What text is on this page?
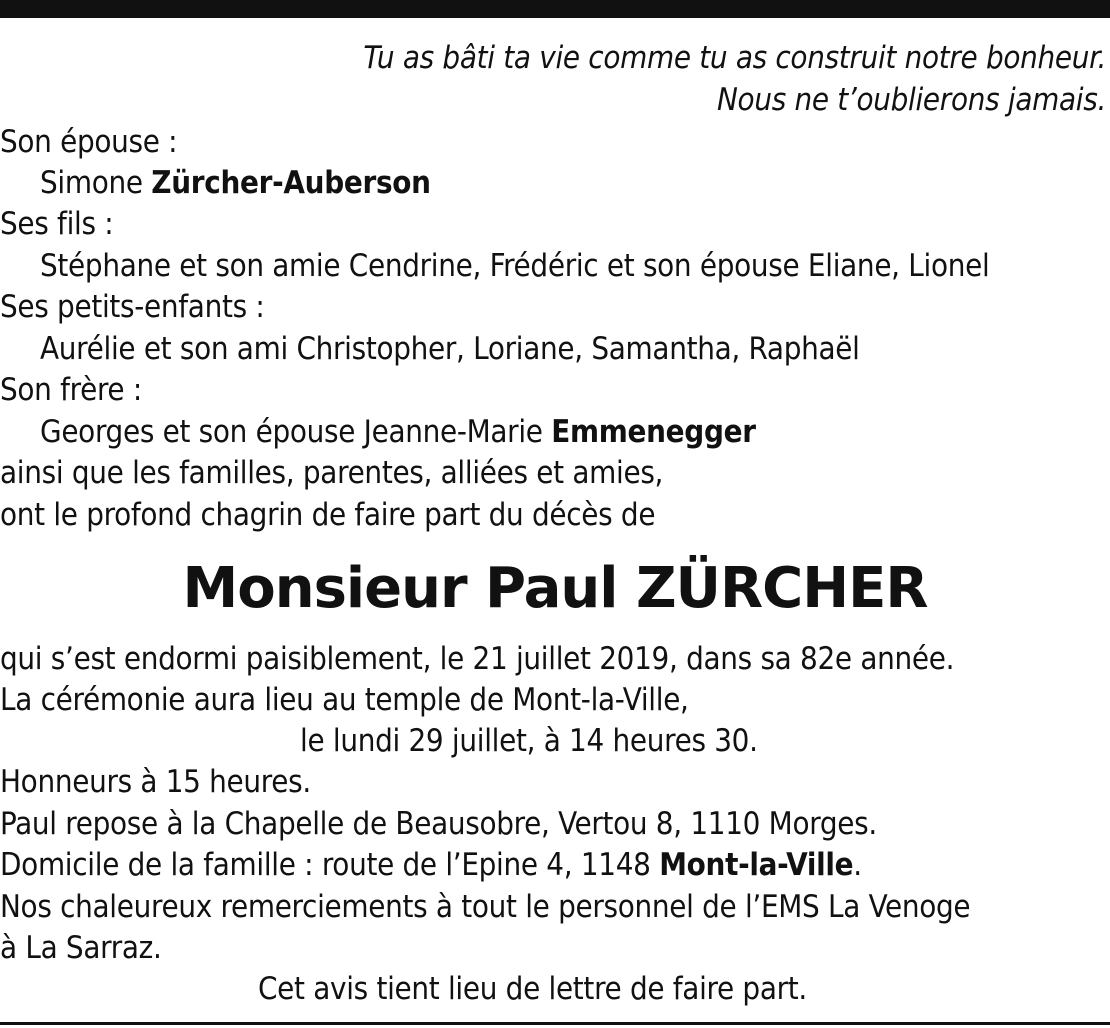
Tu as bâti ta vie comme tu as construit notre bonheur.
Nous ne t’oublierons jamais.
Son épouse :
Simone Zürcher-Auberson
Ses fils :
Stéphane et son amie Cendrine, Frédéric et son épouse Eliane, Lionel
Ses petits-enfants :
Aurélie et son ami Christopher, Loriane, Samantha, Raphaël
Son frère :
Georges et son épouse Jeanne-Marie Emmenegger
ainsi que les familles, parentes, alliées et amies,
ont le profond chagrin de faire part du décès de
Monsieur Paul ZÜRCHER
qui s’est endormi paisiblement, le 21 juillet 2019, dans sa 82e année.
La cérémonie aura lieu au temple de Mont-la-Ville,
le lundi 29 juillet, à 14 heures 30.
Honneurs à 15 heures.
Paul repose à la Chapelle de Beausobre, Vertou 8, 1110 Morges.
Domicile de la famille : route de l’Epine 4, 1148 Mont-la-Ville.
Nos chaleureux remerciements à tout le personnel de l’EMS La Venoge
à La Sarraz.
Cet avis tient lieu de lettre de faire part.
